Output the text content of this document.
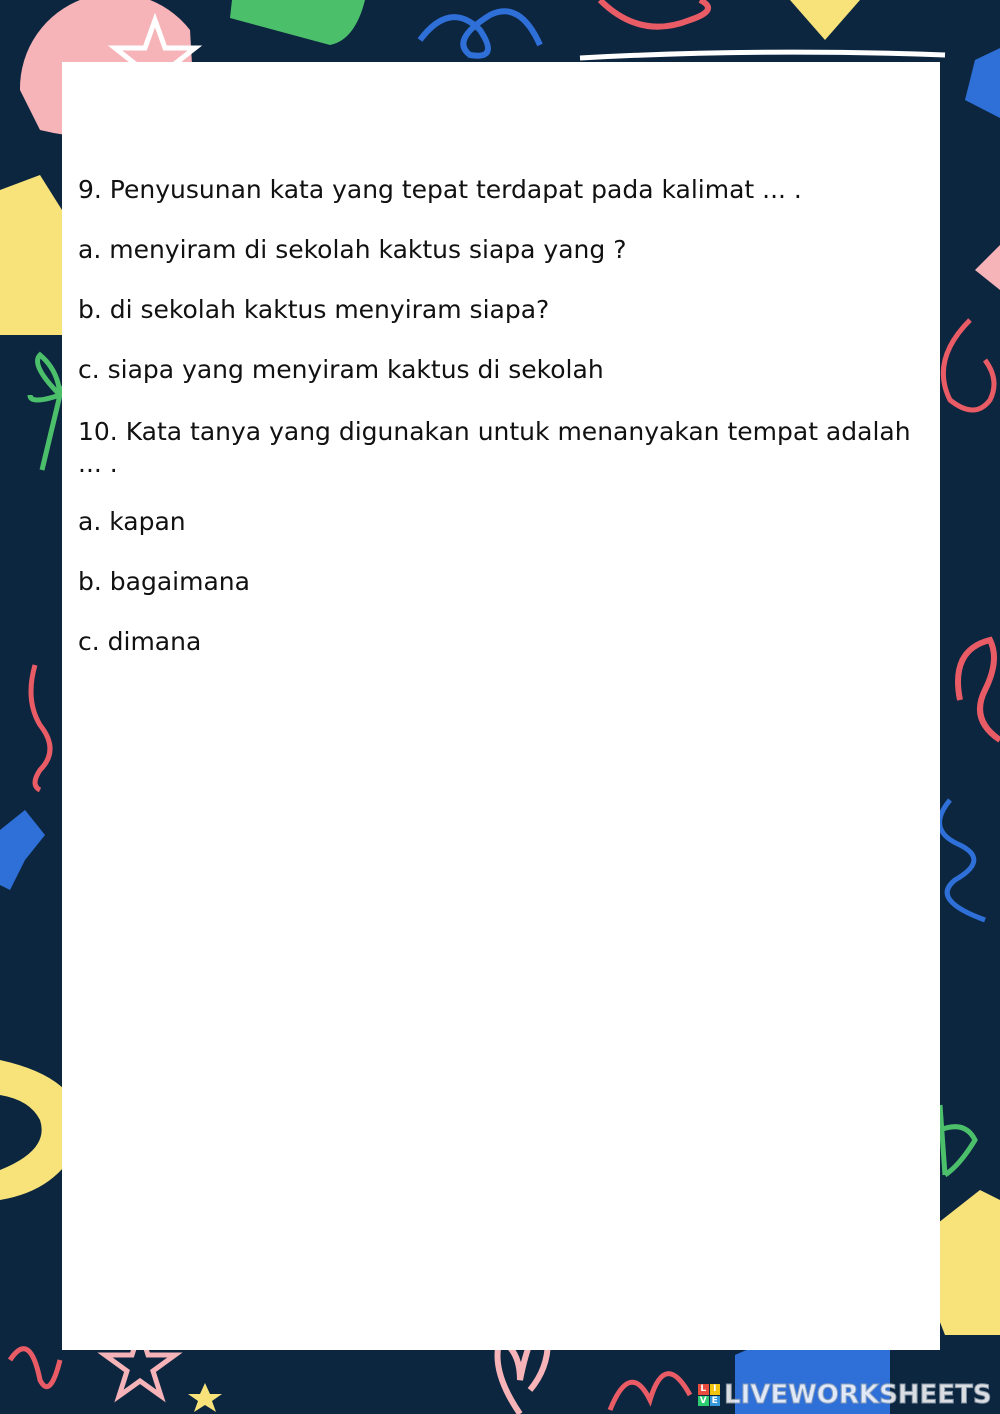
9. Penyusunan kata yang tepat terdapat pada kalimat ... .
a. menyiram di sekolah kaktus siapa yang ?
b. di sekolah kaktus menyiram siapa?
c. siapa yang menyiram kaktus di sekolah
10. Kata tanya yang digunakan untuk menanyakan tempat adalah ... .
a. kapan
b. bagaimana
c. dimana
L I
V E LIVEWORKSHEETS
